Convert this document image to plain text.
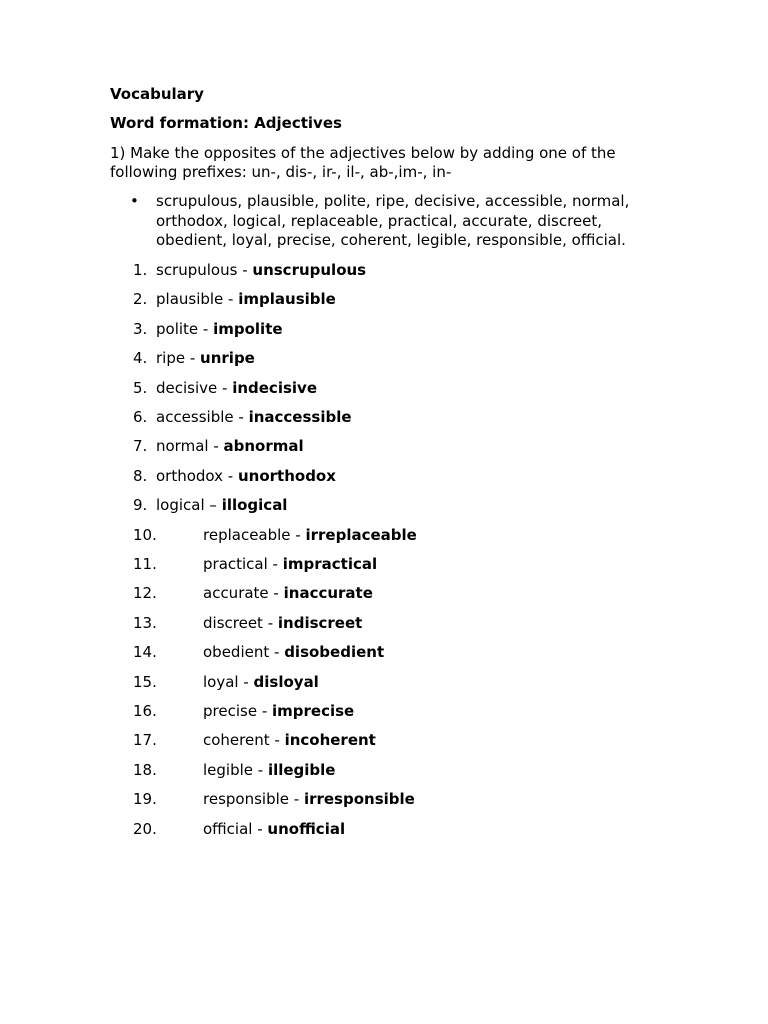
Vocabulary
Word formation: Adjectives
1) Make the opposites of the adjectives below by adding one of the
following prefixes: un-, dis-, ir-, il-, ab-,im-, in-
• scrupulous, plausible, polite, ripe, decisive, accessible, normal,
orthodox, logical, replaceable, practical, accurate, discreet,
obedient, loyal, precise, coherent, legible, responsible, official.
1. scrupulous - unscrupulous
2. plausible - implausible
3. polite - impolite
4. ripe - unripe
5. decisive - indecisive
6. accessible - inaccessible
7. normal - abnormal
8. orthodox - unorthodox
9. logical – illogical
10.	replaceable - irreplaceable
11.	practical - impractical
12.	accurate - inaccurate
13.	discreet - indiscreet
14.	obedient - disobedient
15.	loyal - disloyal
16.	precise - imprecise
17.	coherent - incoherent
18.	legible - illegible
19.	responsible - irresponsible
20.	official - unofficial
